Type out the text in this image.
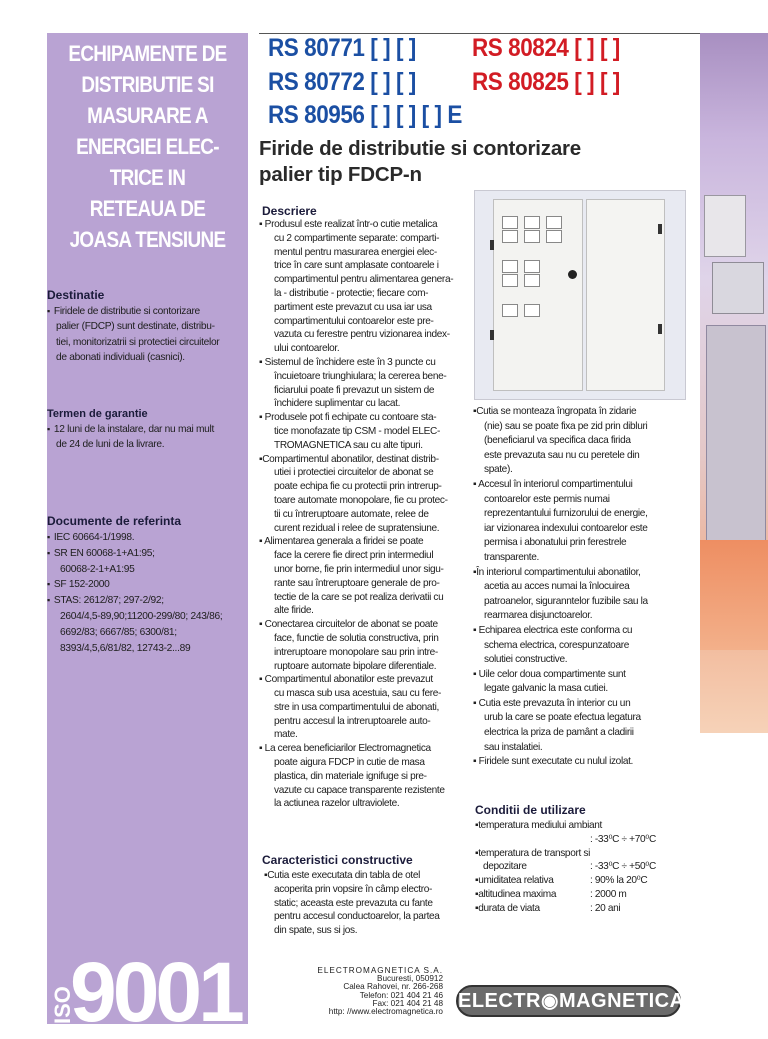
ECHIPAMENTE DE
DISTRIBUTIE SI
MASURARE A
ENERGIEI ELEC-
TRICE IN
RETEAUA DE
JOASA TENSIUNE
Destinatie
▪ Firidele de distributie si contorizare
palier (FDCP) sunt destinate, distribu-
tiei, monitorizatrii si protectiei circuitelor
de abonati individuali (casnici).
Termen de garantie
▪ 12 luni de la instalare, dar nu mai mult
de 24 de luni de la livrare.
Documente de referinta
▪ IEC 60664-1/1998.
▪ SR EN 60068-1+A1:95;
60068-2-1+A1:95
▪ SF 152-2000
▪ STAS: 2612/87; 297-2/92;
2604/4,5-89,90;11200-299/80; 243/86;
6692/83; 6667/85; 6300/81;
8393/4,5,6/81/82, 12743-2...89
RS 80771 [ ] [ ] RS 80824 [ ] [ ]
RS 80772 [ ] [ ] RS 80825 [ ] [ ]
RS 80956 [ ] [ ] [ ] E
Firide de distributie si contorizare
palier tip FDCP-n
Descriere
▪ Produsul este realizat într-o cutie metalica
cu 2 compartimente separate: comparti-
mentul pentru masurarea energiei elec-
trice în care sunt amplasate contoarele i
compartimentul pentru alimentarea genera-
la - distributie - protectie; fiecare com-
partiment este prevazut cu usa iar usa
compartimentului contoarelor este pre-
vazuta cu ferestre pentru vizionarea index-
ului contoarelor.
▪ Sistemul de închidere este în 3 puncte cu
încuietoare triunghiulara; la cererea bene-
ficiarului poate fi prevazut un sistem de
închidere suplimentar cu lacat.
▪ Produsele pot fi echipate cu contoare sta-
tice monofazate tip CSM - model ELEC-
TROMAGNETICA sau cu alte tipuri.
▪Compartimentul abonatilor, destinat distrib-
utiei i protectiei circuitelor de abonat se
poate echipa fie cu protectii prin intrerup-
toare automate monopolare, fie cu protec-
tii cu întreruptoare automate, relee de
curent rezidual i relee de supratensiune.
▪ Alimentarea generala a firidei se poate
face la cerere fie direct prin intermediul
unor borne, fie prin intermediul unor sigu-
rante sau întreruptoare generale de pro-
tectie de la care se pot realiza derivatii cu
alte firide.
▪ Conectarea circuitelor de abonat se poate
face, functie de solutia constructiva, prin
intreruptoare monopolare sau prin intre-
ruptoare automate bipolare diferentiale.
▪ Compartimentul abonatilor este prevazut
cu masca sub usa acestuia, sau cu fere-
stre in usa compartimentului de abonati,
pentru accesul la intreruptoarele auto-
mate.
▪ La cerea beneficiarilor Electromagnetica
poate aigura FDCP in cutie de masa
plastica, din materiale ignifuge si pre-
vazute cu capace transparente rezistente
la actiunea razelor ultraviolete.
Caracteristici constructive
▪Cutia este executata din tabla de otel
acoperita prin vopsire în câmp electro-
static; aceasta este prevazuta cu fante
pentru accesul conductoarelor, la partea
din spate, sus si jos.
▪Cutia se monteaza îngropata în zidarie
(nie) sau se poate fixa pe zid prin dibluri
(beneficiarul va specifica daca firida
este prevazuta sau nu cu peretele din
spate).
▪ Accesul în interiorul compartimentului
contoarelor este permis numai
reprezentantului furnizorului de energie,
iar vizionarea indexului contoarelor este
permisa i abonatului prin ferestrele
transparente.
▪În interiorul compartimentului abonatilor,
acetia au acces numai la înlocuirea
patroanelor, siguranntelor fuzibile sau la
rearmarea disjunctoarelor.
▪ Echiparea electrica este conforma cu
schema electrica, corespunzatoare
solutiei constructive.
▪ Uile celor doua compartimente sunt
legate galvanic la masa cutiei.
▪ Cutia este prevazuta în interior cu un
urub la care se poate efectua legatura
electrica la priza de pamânt a cladirii
sau instalatiei.
▪ Firidele sunt executate cu nulul izolat.
Conditii de utilizare
▪temperatura mediului ambiant
: -33⁰C ÷ +70⁰C
▪temperatura de transport si
depozitare	: -33⁰C ÷ +50⁰C
▪umiditatea relativa	: 90% la 20⁰C
▪altitudinea maxima	: 2000 m
▪durata de viata	: 20 ani
9001
ISO
ELECTROMAGNETICA S.A.
Bucuresti, 050912
Calea Rahovei, nr. 266-268
Telefon: 021 404 21 46
Fax: 021 404 21 48
http: //www.electromagnetica.ro ELECTR◉MAGNETICA
